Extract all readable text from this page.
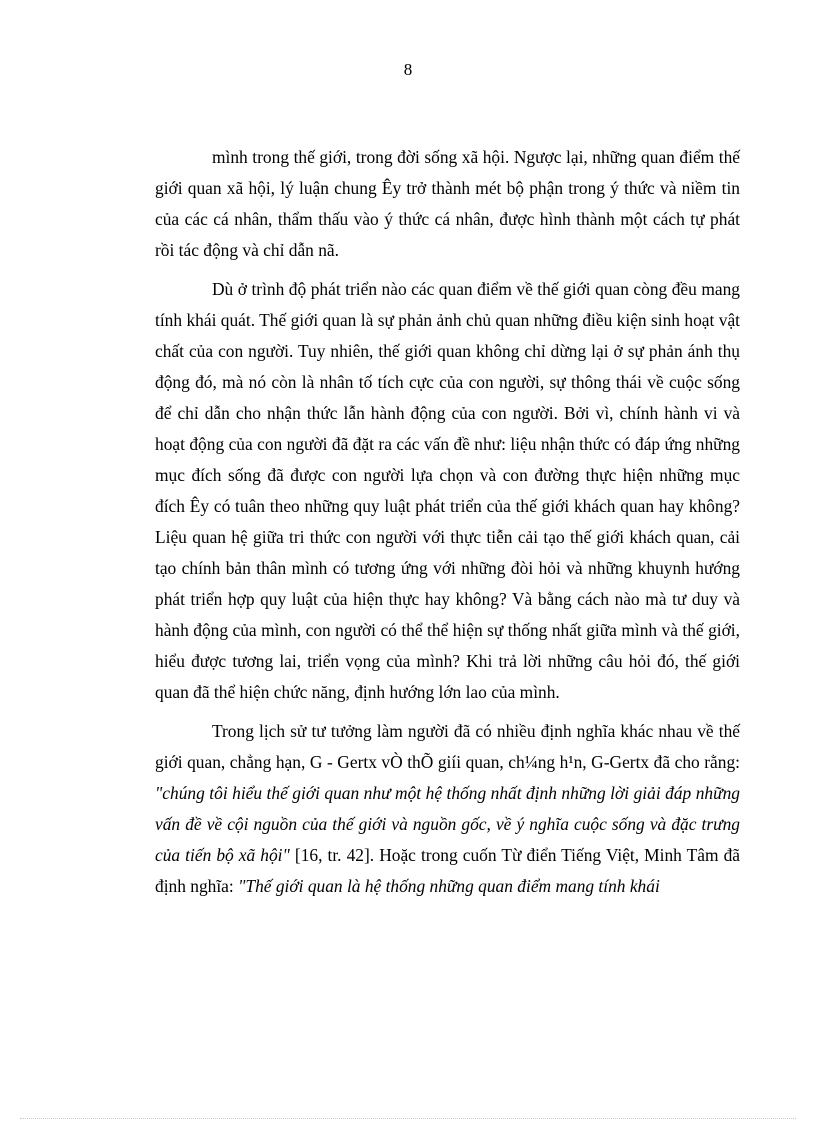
8

mình trong thế giới, trong đời sống xã hội. Ngược lại, những quan điểm thế giới quan xã hội, lý luận chung Êy trở thành mét bộ phận trong ý thức và niềm tin của các cá nhân, thẩm thấu vào ý thức cá nhân, được hình thành một cách tự phát rồi tác động và chỉ dẫn nã.

Dù ở trình độ phát triển nào các quan điểm về thế giới quan còng đều mang tính khái quát. Thế giới quan là sự phản ảnh chủ quan những điều kiện sinh hoạt vật chất của con người. Tuy nhiên, thế giới quan không chỉ dừng lại ở sự phản ánh thụ động đó, mà nó còn là nhân tố tích cực của con người, sự thông thái về cuộc sống để chỉ dẫn cho nhận thức lẫn hành động của con người. Bởi vì, chính hành vi và hoạt động của con người đã đặt ra các vấn đề như: liệu nhận thức có đáp ứng những mục đích sống đã được con người lựa chọn và con đường thực hiện những mục đích Êy có tuân theo những quy luật phát triển của thế giới khách quan hay không? Liệu quan hệ giữa tri thức con người với thực tiễn cải tạo thế giới khách quan, cải tạo chính bản thân mình có tương ứng với những đòi hỏi và những khuynh hướng phát triển hợp quy luật của hiện thực hay không? Và bằng cách nào mà tư duy và hành động của mình, con người có thể thể hiện sự thống nhất giữa mình và thế giới, hiểu được tương lai, triển vọng của mình? Khi trả lời những câu hỏi đó, thế giới quan đã thể hiện chức năng, định hướng lớn lao của mình.

Trong lịch sử tư tưởng làm người đã có nhiều định nghĩa khác nhau về thế giới quan, chẳng hạn, G - Gertx vÒ thÕ giíi quan, ch¼ng h¹n, G-Gertx đã cho rằng: "chúng tôi hiểu thế giới quan như một hệ thống nhất định những lời giải đáp những vấn đề về cội nguồn của thế giới và nguồn gốc, về ý nghĩa cuộc sống và đặc trưng của tiến bộ xã hội" [16, tr. 42]. Hoặc trong cuốn Từ điển Tiếng Việt, Minh Tâm đã định nghĩa: "Thế giới quan là hệ thống những quan điểm mang tính khái
